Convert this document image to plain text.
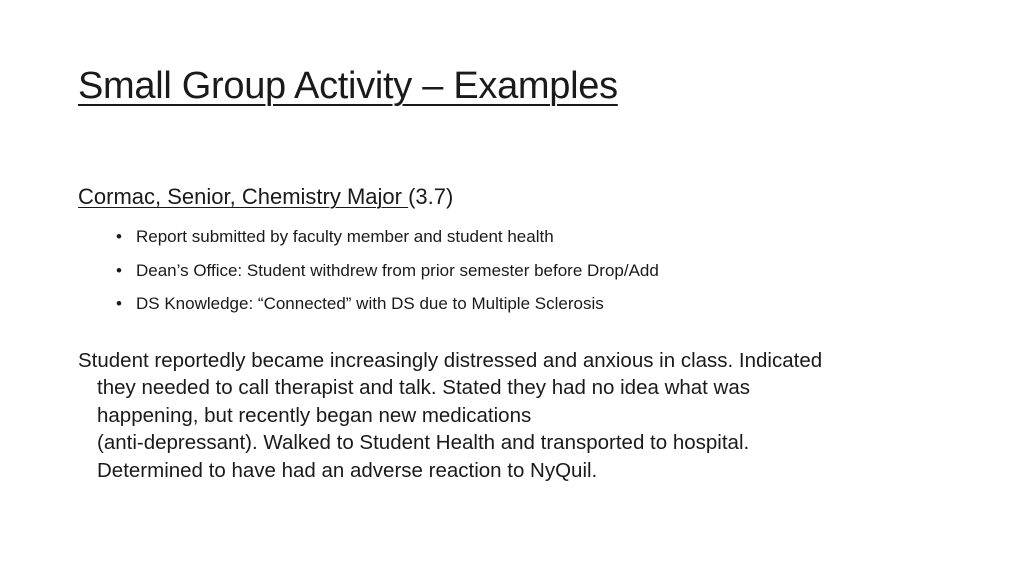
Small Group Activity – Examples
Cormac, Senior, Chemistry Major (3.7)
• Report submitted by faculty member and student health
• Dean’s Office: Student withdrew from prior semester before Drop/Add
• DS Knowledge: “Connected” with DS due to Multiple Sclerosis

Student reportedly became increasingly distressed and anxious in class. Indicated
they needed to call therapist and talk. Stated they had no idea what was
happening, but recently began new medications
(anti-depressant). Walked to Student Health and transported to hospital.
Determined to have had an adverse reaction to NyQuil.
